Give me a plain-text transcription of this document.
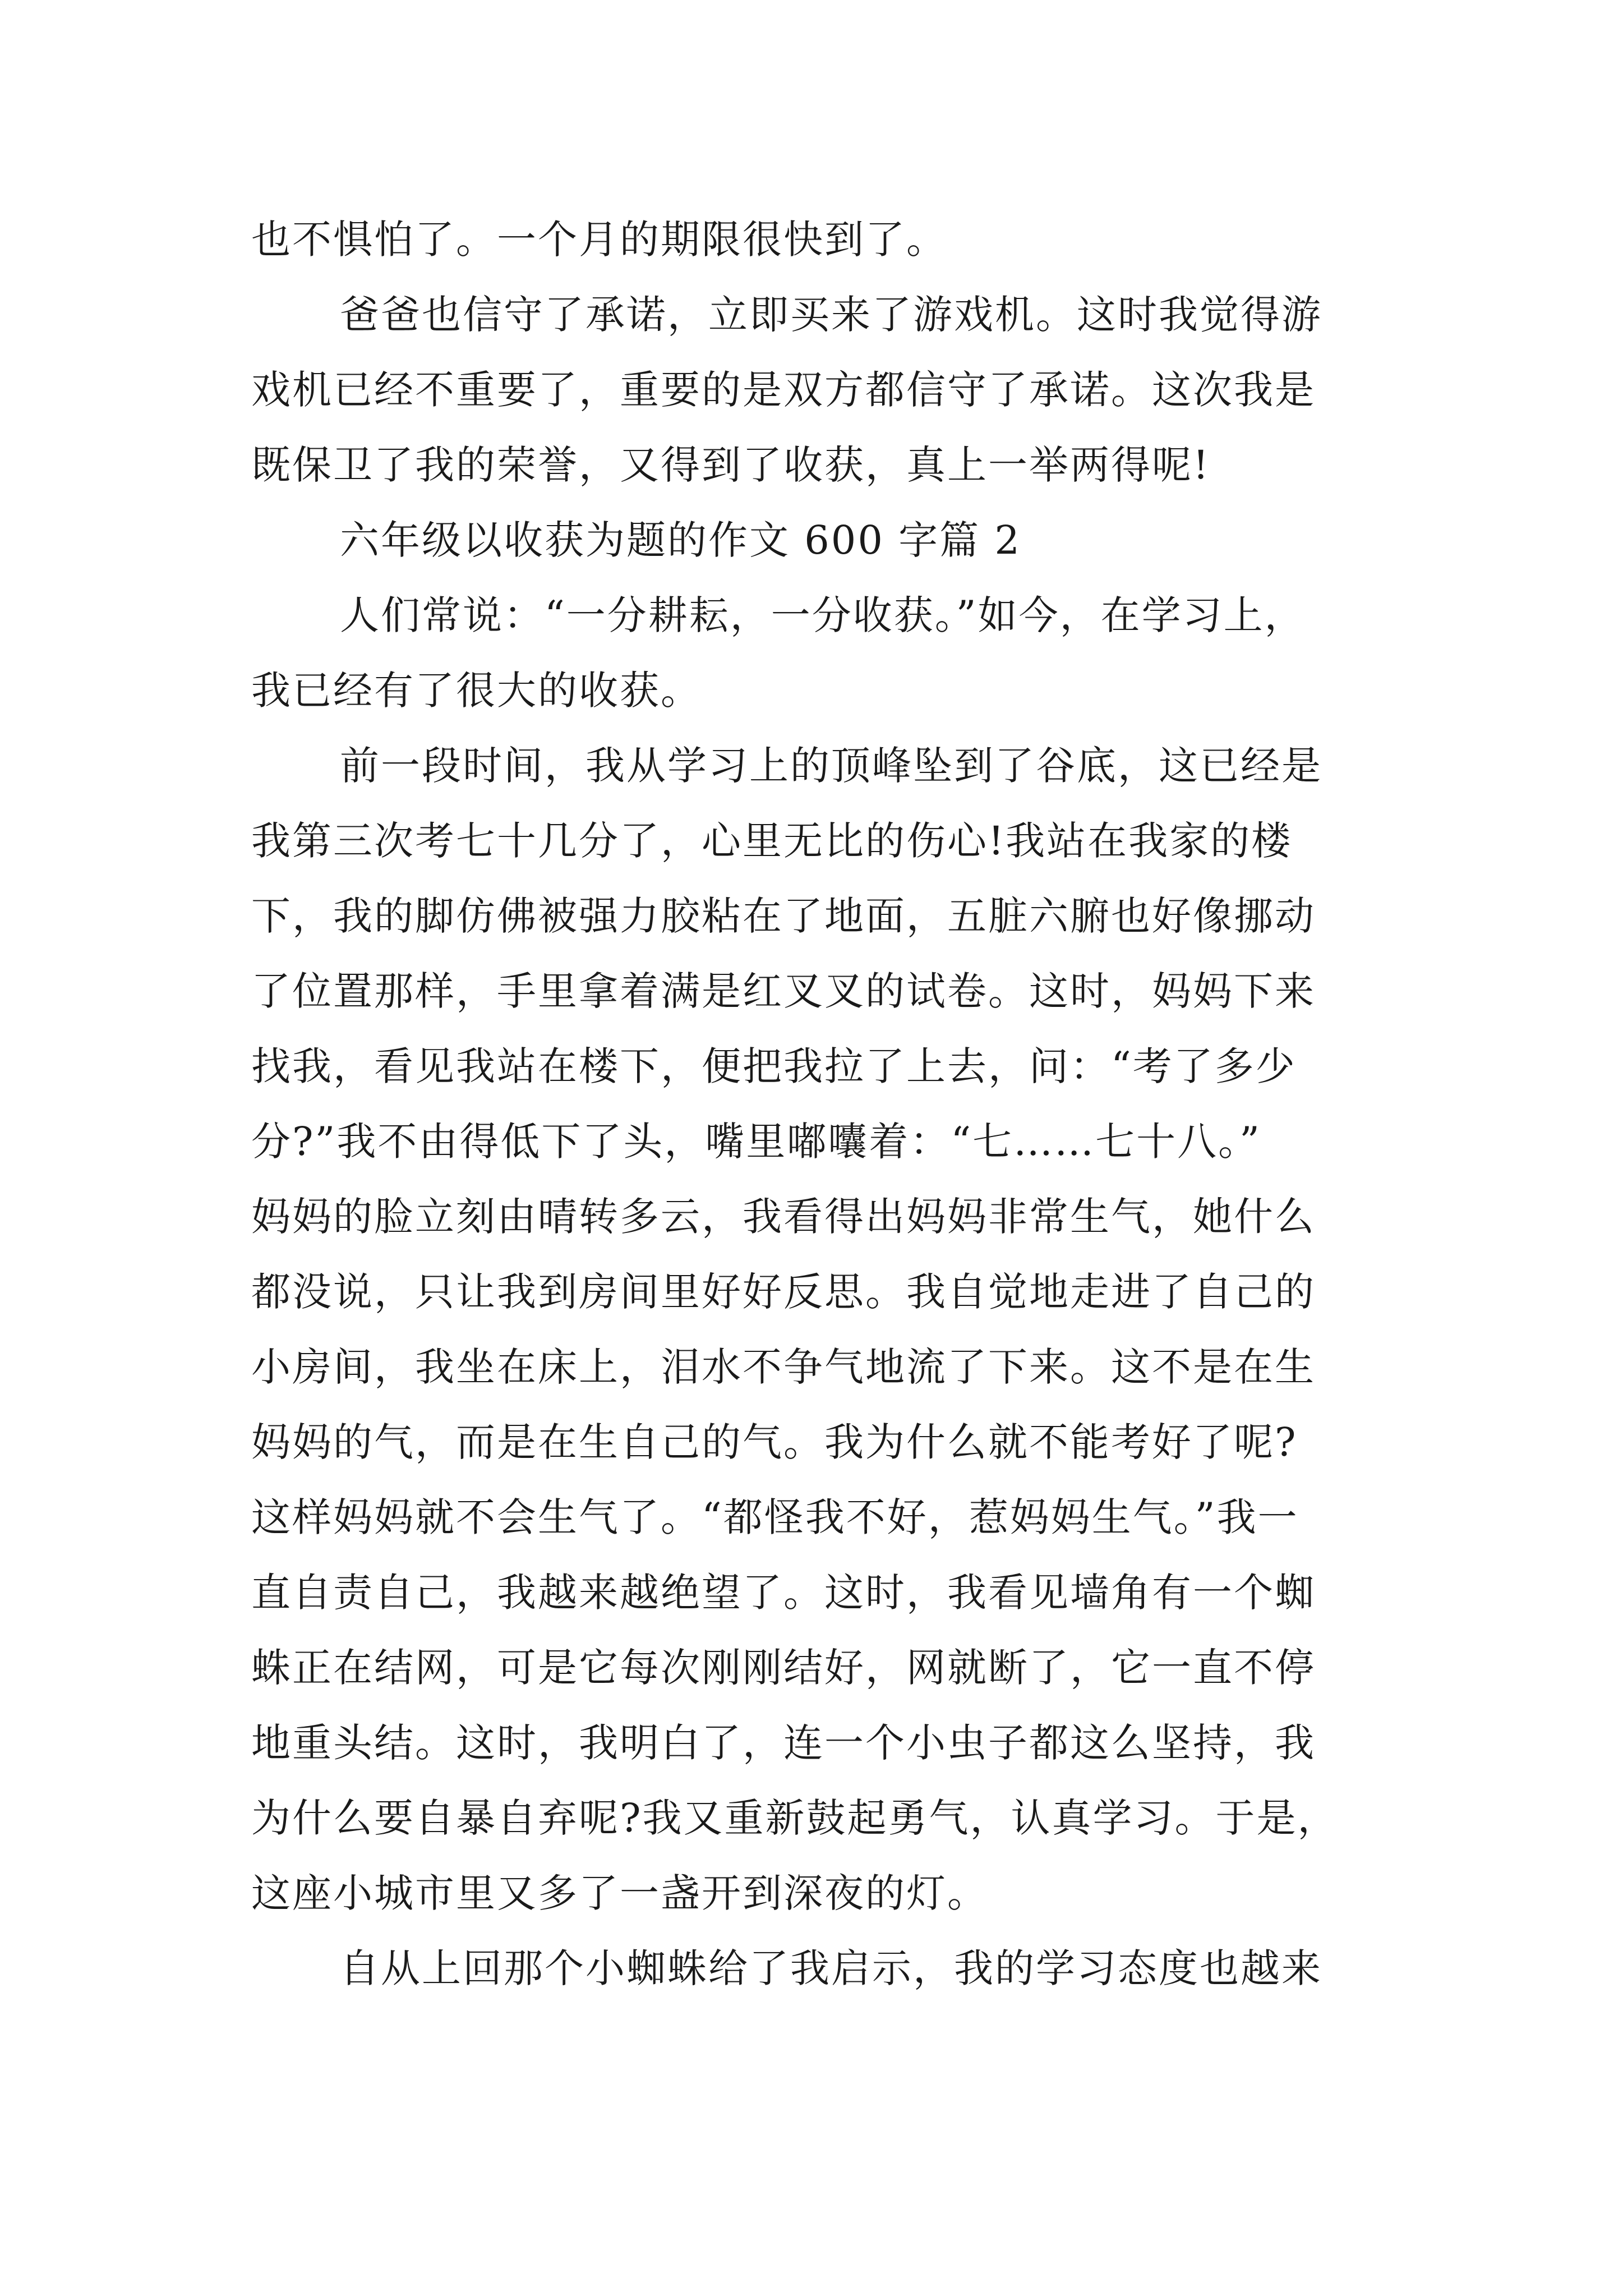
也不惧怕了。一个月的期限很快到了。
爸爸也信守了承诺，立即买来了游戏机。这时我觉得游
戏机已经不重要了，重要的是双方都信守了承诺。这次我是
既保卫了我的荣誉，又得到了收获，真上一举两得呢!
六年级以收获为题的作文 600 字篇 2
人们常说：“一分耕耘，一分收获。”如今，在学习上，
我已经有了很大的收获。
前一段时间，我从学习上的顶峰坠到了谷底，这已经是
我第三次考七十几分了，心里无比的伤心!我站在我家的楼
下，我的脚仿佛被强力胶粘在了地面，五脏六腑也好像挪动
了位置那样，手里拿着满是红叉叉的试卷。这时，妈妈下来
找我，看见我站在楼下，便把我拉了上去，问：“考了多少
分?”我不由得低下了头，嘴里嘟囔着：“七……七十八。”
妈妈的脸立刻由晴转多云，我看得出妈妈非常生气，她什么
都没说，只让我到房间里好好反思。我自觉地走进了自己的
小房间，我坐在床上，泪水不争气地流了下来。这不是在生
妈妈的气，而是在生自己的气。我为什么就不能考好了呢?
这样妈妈就不会生气了。“都怪我不好，惹妈妈生气。”我一
直自责自己，我越来越绝望了。这时，我看见墙角有一个蜘
蛛正在结网，可是它每次刚刚结好，网就断了，它一直不停
地重头结。这时，我明白了，连一个小虫子都这么坚持，我
为什么要自暴自弃呢?我又重新鼓起勇气，认真学习。于是，
这座小城市里又多了一盏开到深夜的灯。
自从上回那个小蜘蛛给了我启示，我的学习态度也越来
